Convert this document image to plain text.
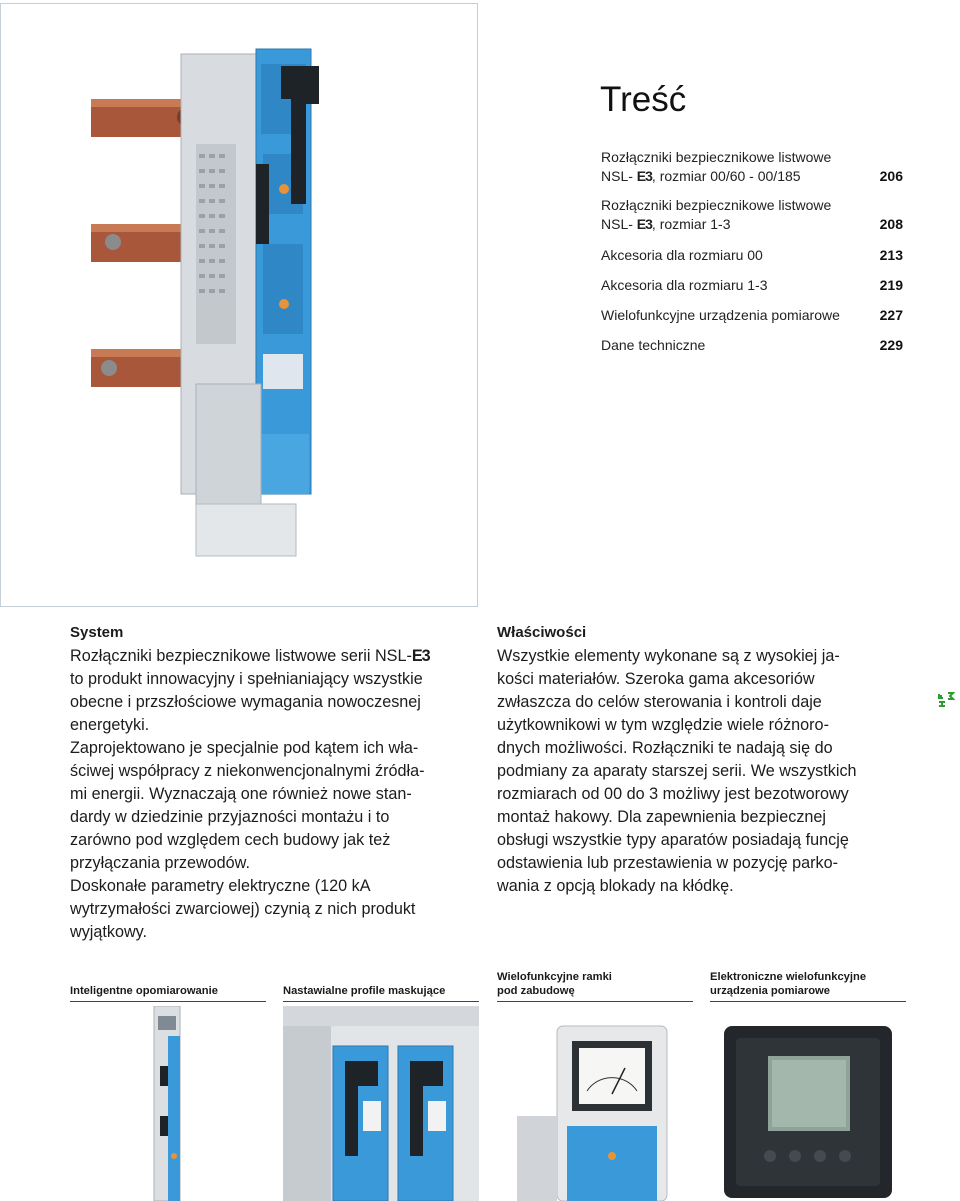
Treść
Rozłączniki bezpiecznikowe listwowe
NSL- E3, rozmiar 00/60 - 00/185	206
Rozłączniki bezpiecznikowe listwowe
NSL- E3, rozmiar 1-3	208
Akcesoria dla rozmiaru 00	213
Akcesoria dla rozmiaru 1-3	219
Wielofunkcyjne urządzenia pomiarowe	227
Dane techniczne	229
System
Rozłączniki bezpiecznikowe listwowe serii NSL-E3
to produkt innowacyjny i spełnianiający wszystkie
obecne i przszłościowe wymagania nowoczesnej
energetyki.
Zaprojektowano je specjalnie pod kątem ich wła-
ściwej współpracy z niekonwencjonalnymi źródła-
mi energii. Wyznaczają one również nowe stan-
dardy w dziedzinie przyjazności montażu i to
zarówno pod względem cech budowy jak też
przyłączania przewodów.
Doskonałe parametry elektryczne (120 kA
wytrzymałości zwarciowej) czynią z nich produkt
wyjątkowy.
Właściwości
Wszystkie elementy wykonane są z wysokiej ja-
kości materiałów. Szeroka gama akcesoriów
zwłaszcza do celów sterowania i kontroli daje
użytkownikowi w tym względzie wiele różnoro-
dnych możliwości. Rozłączniki te nadają się do
podmiany za aparaty starszej serii. We wszystkich
rozmiarach od 00 do 3 możliwy jest bezotworowy
montaż hakowy. Dla zapewnienia bezpiecznej
obsługi wszystkie typy aparatów posiadają funcję
odstawienia lub przestawienia w pozycję parko-
wania z opcją blokady na kłódkę.
Inteligentne opomiarowanie	Nastawialne profile maskujące
Wielofunkcyjne ramki
pod zabudowę
Elektroniczne wielofunkcyjne
urządzenia pomiarowe
